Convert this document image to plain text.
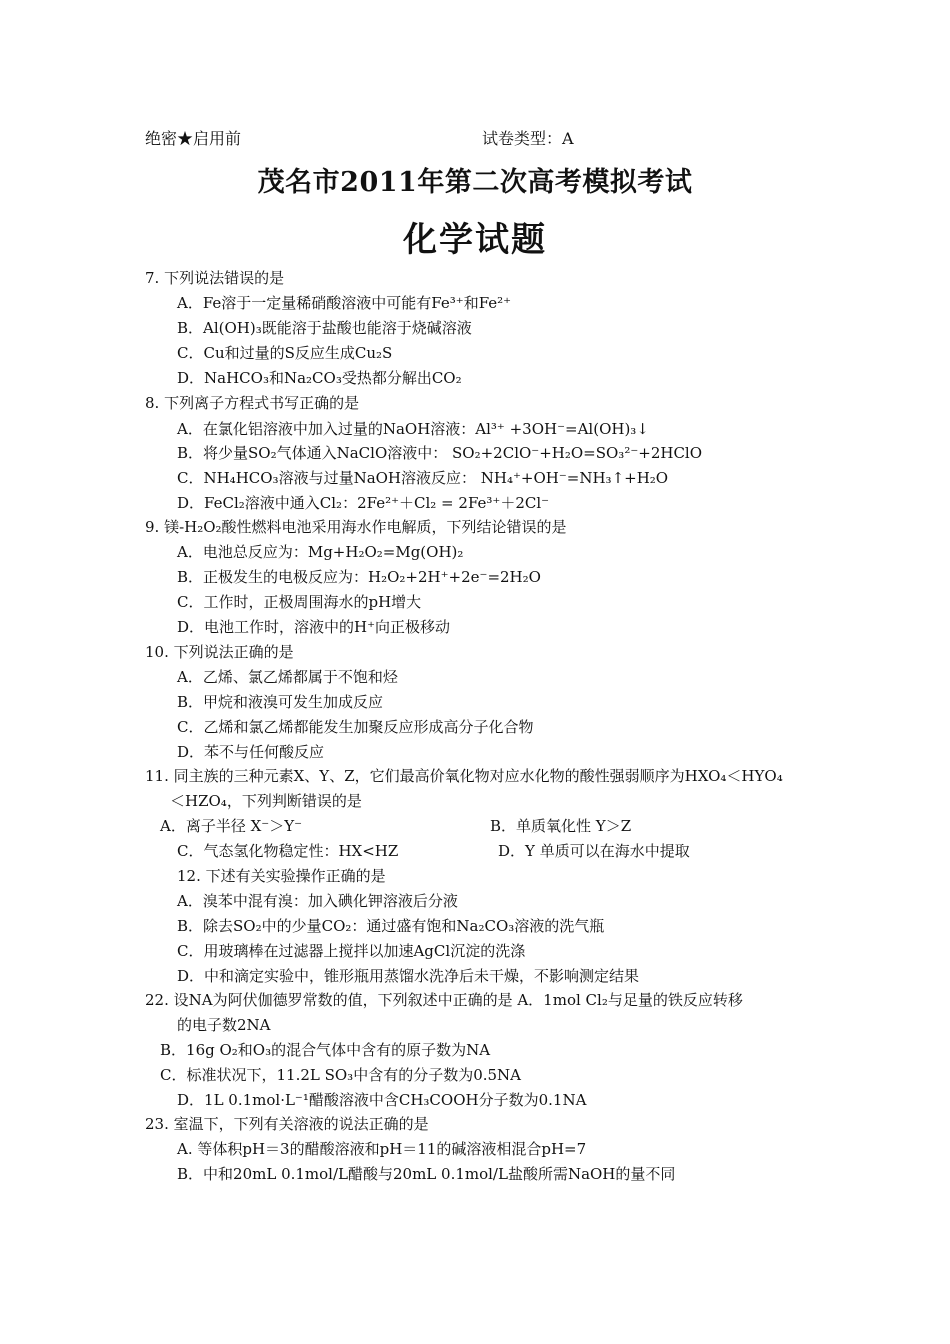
绝密★启用前	试卷类型：A
茂名市2011年第二次高考模拟考试
化学试题
7. 下列说法错误的是
A．Fe溶于一定量稀硝酸溶液中可能有Fe³⁺和Fe²⁺
B．Al(OH)₃既能溶于盐酸也能溶于烧碱溶液
C．Cu和过量的S反应生成Cu₂S
D．NaHCO₃和Na₂CO₃受热都分解出CO₂
8. 下列离子方程式书写正确的是
A．在氯化铝溶液中加入过量的NaOH溶液：Al³⁺ +3OH⁻=Al(OH)₃↓
B．将少量SO₂气体通入NaClO溶液中： SO₂+2ClO⁻+H₂O=SO₃²⁻+2HClO
C．NH₄HCO₃溶液与过量NaOH溶液反应： NH₄⁺+OH⁻=NH₃↑+H₂O
D．FeCl₂溶液中通入Cl₂：2Fe²⁺＋Cl₂ = 2Fe³⁺＋2Cl⁻
9. 镁-H₂O₂酸性燃料电池采用海水作电解质，下列结论错误的是
A．电池总反应为：Mg+H₂O₂=Mg(OH)₂
B．正极发生的电极反应为：H₂O₂+2H⁺+2e⁻=2H₂O
C．工作时，正极周围海水的pH增大
D．电池工作时，溶液中的H⁺向正极移动
10. 下列说法正确的是
A．乙烯、氯乙烯都属于不饱和烃
B．甲烷和液溴可发生加成反应
C．乙烯和氯乙烯都能发生加聚反应形成高分子化合物
D．苯不与任何酸反应
11. 同主族的三种元素X、Y、Z，它们最高价氧化物对应水化物的酸性强弱顺序为HXO₄＜HYO₄
＜HZO₄，下列判断错误的是
A．离子半径 X⁻＞Y⁻	B．单质氧化性 Y＞Z
C．气态氢化物稳定性：HX<HZ	D．Y 单质可以在海水中提取
12. 下述有关实验操作正确的是
A．溴苯中混有溴：加入碘化钾溶液后分液
B．除去SO₂中的少量CO₂：通过盛有饱和Na₂CO₃溶液的洗气瓶
C．用玻璃棒在过滤器上搅拌以加速AgCl沉淀的洗涤
D．中和滴定实验中，锥形瓶用蒸馏水洗净后未干燥，不影响测定结果
22. 设NA为阿伏伽德罗常数的值，下列叙述中正确的是 A．1mol Cl₂与足量的铁反应转移
的电子数2NA
B．16g O₂和O₃的混合气体中含有的原子数为NA
C．标准状况下，11.2L SO₃中含有的分子数为0.5NA
D．1L 0.1mol·L⁻¹醋酸溶液中含CH₃COOH分子数为0.1NA
23. 室温下，下列有关溶液的说法正确的是
A. 等体积pH＝3的醋酸溶液和pH＝11的碱溶液相混合pH=7
B．中和20mL 0.1mol/L醋酸与20mL 0.1mol/L盐酸所需NaOH的量不同
